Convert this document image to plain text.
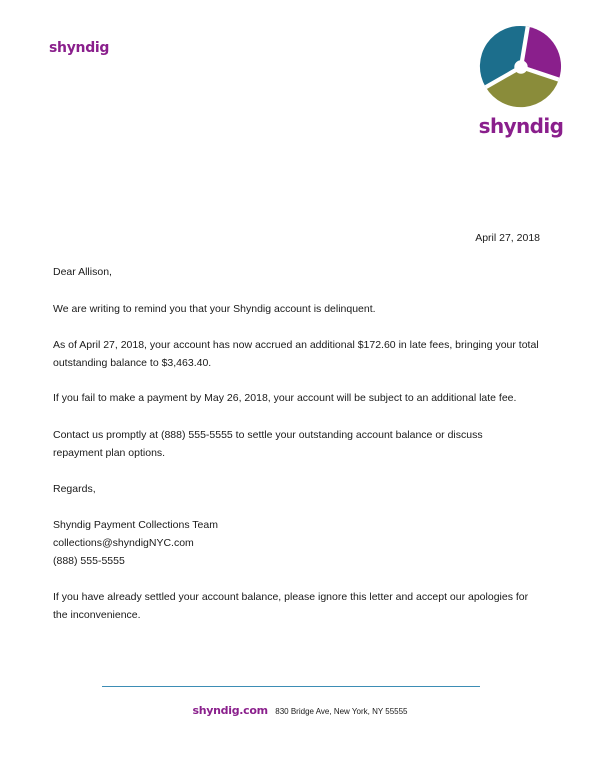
shyndig
shyndig
April 27, 2018

Dear Allison,

We are writing to remind you that your Shyndig account is delinquent.

As of April 27, 2018, your account has now accrued an additional $172.60 in late fees, bringing your total
outstanding balance to $3,463.40.

If you fail to make a payment by May 26, 2018, your account will be subject to an additional late fee.

Contact us promptly at (888) 555-5555 to settle your outstanding account balance or discuss
repayment plan options.

Regards,

Shyndig Payment Collections Team
collections@shyndigNYC.com
(888) 555-5555

If you have already settled your account balance, please ignore this letter and accept our apologies for
the inconvenience.

shyndig.com 830 Bridge Ave, New York, NY 55555
